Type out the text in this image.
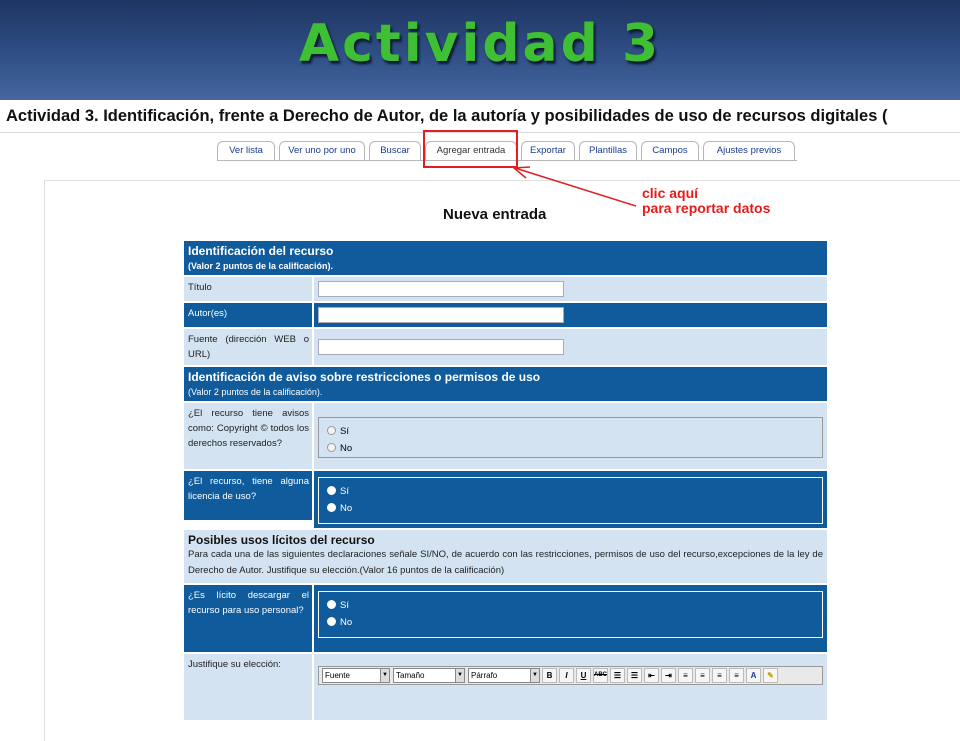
Actividad 3
Actividad 3. Identificación, frente a Derecho de Autor, de la autoría y posibilidades de uso de recursos digitales (
Ver lista	Ver uno por uno	Buscar	Agregar entrada	Exportar	Plantillas	Campos	Ajustes previos
clic aquí
para reportar datos
Nueva entrada
Identificación del recurso
(Valor 2 puntos de la calificación).
Título
Autor(es)
Fuente (dirección WEB o URL)
Identificación de aviso sobre restricciones o permisos de uso
(Valor 2 puntos de la calificación).
¿El recurso tiene avisos como: Copyright © todos los derechos reservados?
Sí
No
¿El recurso, tiene alguna licencia de uso?	Sí
No
Posibles usos lícitos del recurso
Para cada una de las siguientes declaraciones señale SI/NO, de acuerdo con las restricciones, permisos de uso del recurso,excepciones de la ley de Derecho de Autor. Justifique su elección.(Valor 16 puntos de la calificación)
¿Es lícito descargar el recurso para uso personal?	Sí
No
Justifique su elección:
Fuente	▼	Tamaño	▼	Párrafo	▼	B	I	U	ABC ☰	☰	⇤	⇥	≡	≡	≡	≡	A	✎
